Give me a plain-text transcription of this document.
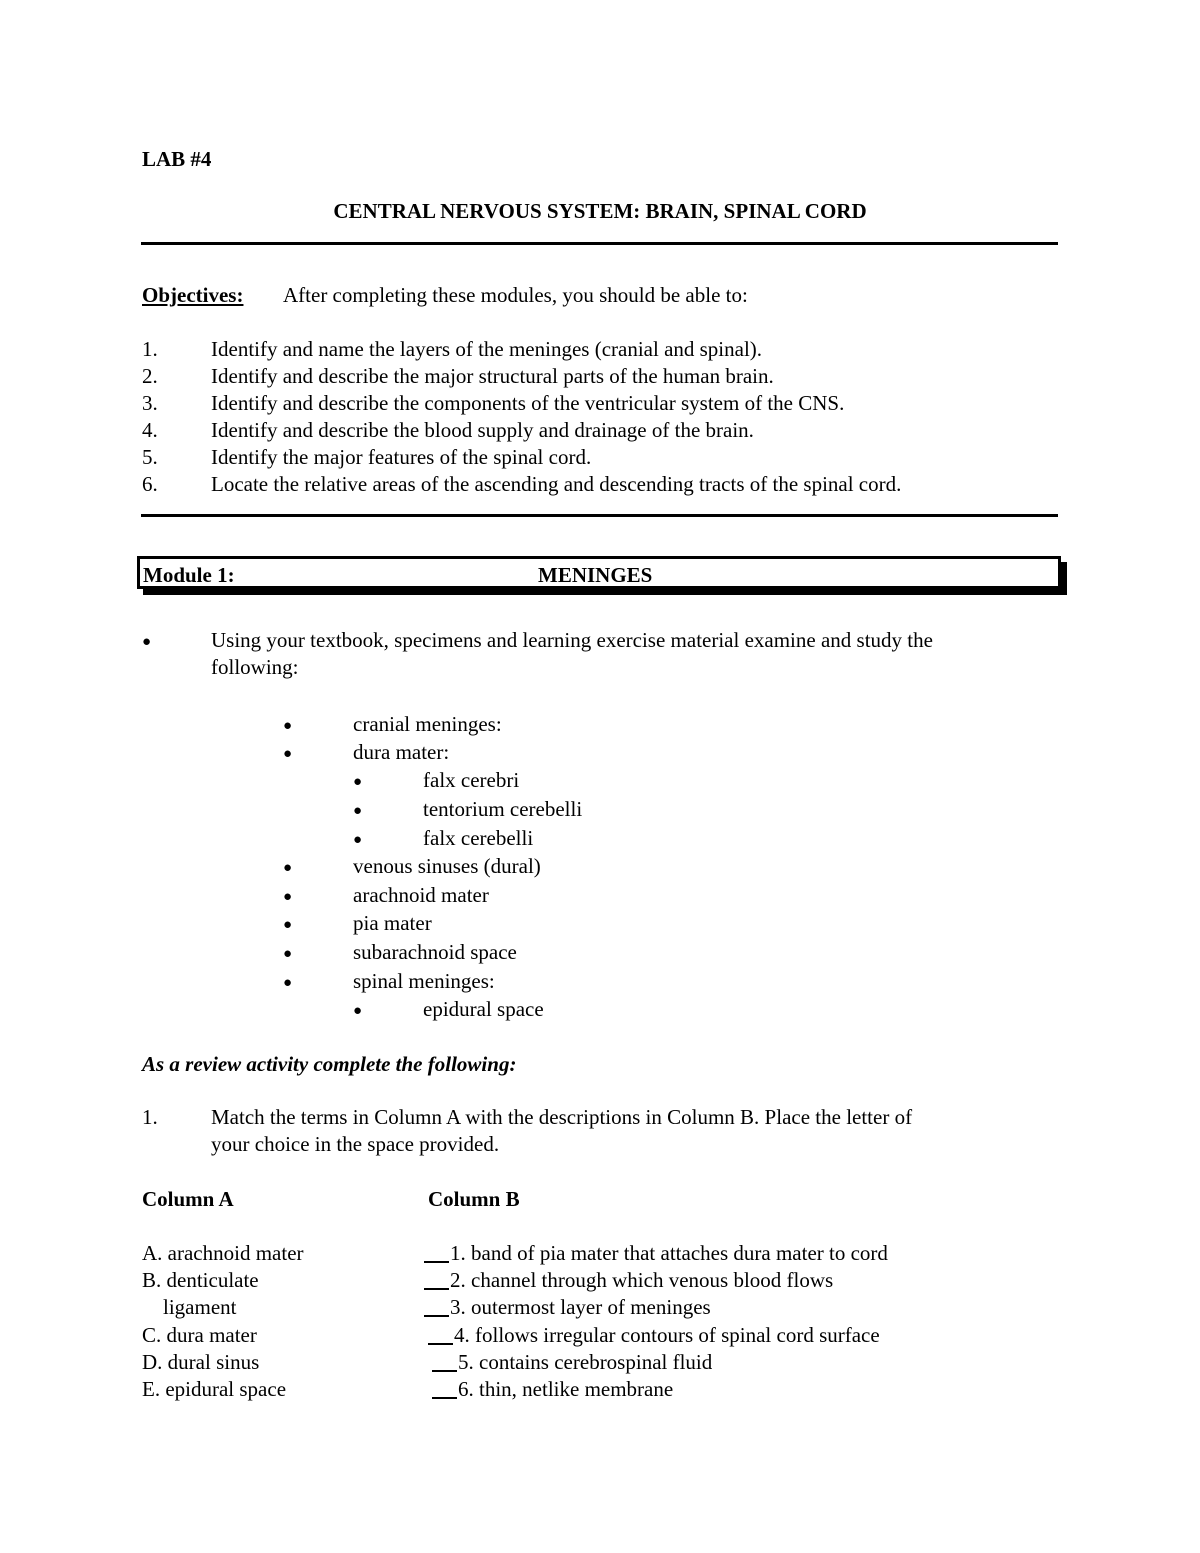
LAB #4
CENTRAL NERVOUS SYSTEM: BRAIN, SPINAL CORD
Objectives: After completing these modules, you should be able to:
1.	Identify and name the layers of the meninges (cranial and spinal).
2.	Identify and describe the major structural parts of the human brain.
3.	Identify and describe the components of the ventricular system of the CNS.
4.	Identify and describe the blood supply and drainage of the brain.
5.	Identify the major features of the spinal cord.
6.	Locate the relative areas of the ascending and descending tracts of the spinal cord.
Module 1:	MENINGES
●	Using your textbook, specimens and learning exercise material examine and study the
following:
●	cranial meninges:
●	dura mater:
●	falx cerebri
●	tentorium cerebelli
●	falx cerebelli
●	venous sinuses (dural)
●	arachnoid mater
●	pia mater
●	subarachnoid space
●	spinal meninges:
●	epidural space
As a review activity complete the following:
1.	Match the terms in Column A with the descriptions in Column B. Place the letter of
your choice in the space provided.
Column A	Column B
A. arachnoid mater	1. band of pia mater that attaches dura mater to cord
B. denticulate	2. channel through which venous blood flows
ligament	3. outermost layer of meninges
C. dura mater	4. follows irregular contours of spinal cord surface
D. dural sinus	5. contains cerebrospinal fluid
E. epidural space	6. thin, netlike membrane
